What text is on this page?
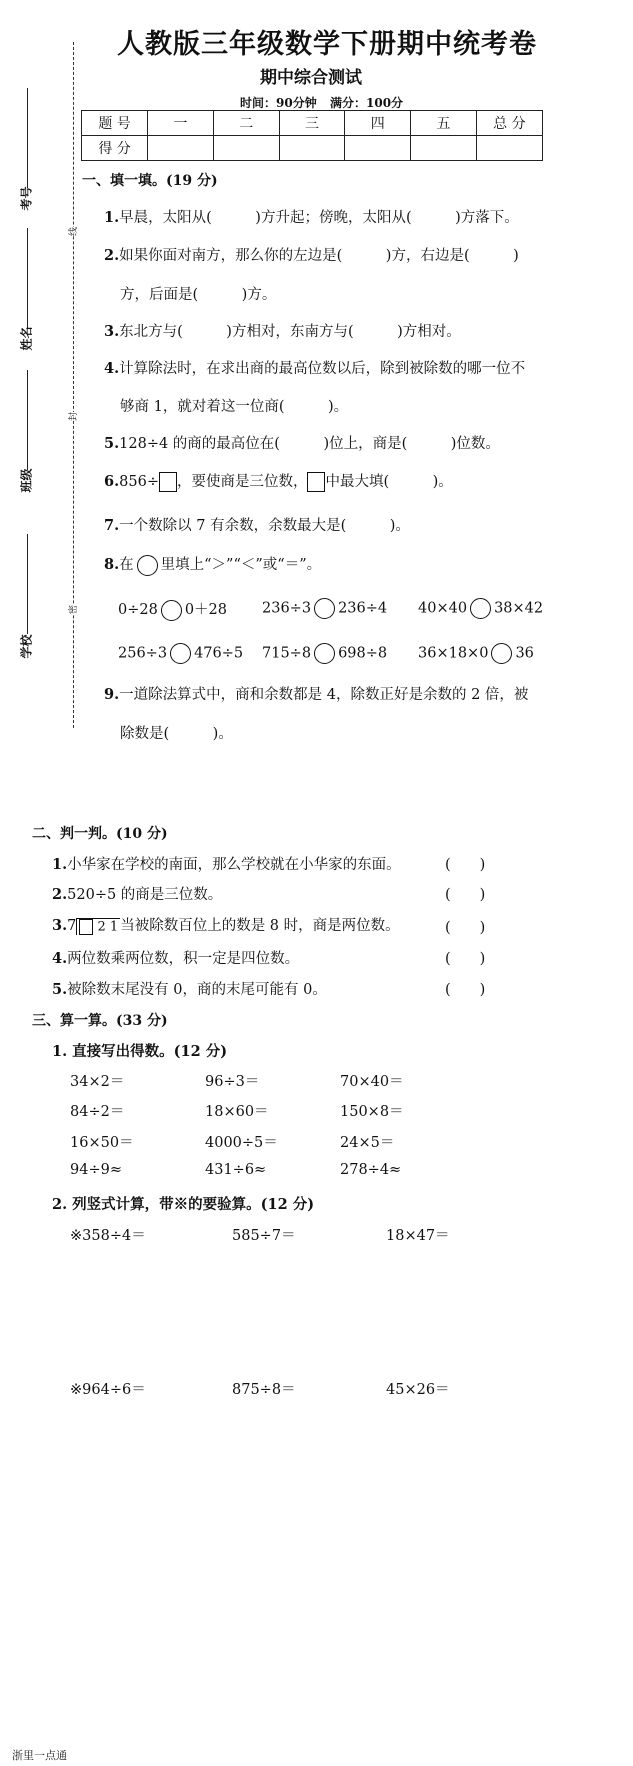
人教版三年级数学下册期中统考卷
期中综合测试
时间：90分钟 满分：100分
考号
姓名
班级
学校
线
封
密
题 号	一	二	三	四	五	总 分
得 分						
一、填一填。(19 分)
1.早晨，太阳从(　　　)方升起；傍晚，太阳从(　　　)方落下。
2.如果你面对南方，那么你的左边是(　　　)方，右边是(　　　)
方，后面是(　　　)方。
3.东北方与(　　　)方相对，东南方与(　　　)方相对。
4.计算除法时，在求出商的最高位数以后，除到被除数的哪一位不
够商 1，就对着这一位商(　　　)。
5.128÷4 的商的最高位在(　　　)位上，商是(　　　)位数。
6.856÷ ，要使商是三位数， 中最大填(　　　)。
7.一个数除以 7 有余数，余数最大是(　　　)。
8.在 里填上“＞”“＜”或“＝”。
0÷28 0＋28 236÷3 236÷4 40×40 38×42
256÷3 476÷5 715÷8 698÷8 36×18×0 36
9.一道除法算式中，商和余数都是 4，除数正好是余数的 2 倍，被
除数是(　　　)。
二、判一判。(10 分)
1.小华家在学校的南面，那么学校就在小华家的东面。	(　　)
2.520÷5 的商是三位数。	(　　)
3.7 2 1 当被除数百位上的数是 8 时，商是两位数。	(　　)
4.两位数乘两位数，积一定是四位数。	(　　)
5.被除数末尾没有 0，商的末尾可能有 0。	(　　)
三、算一算。(33 分)
1. 直接写出得数。(12 分)
34×2＝	96÷3＝	70×40＝
84÷2＝	18×60＝	150×8＝
16×50＝	4000÷5＝	24×5＝
94÷9≈	431÷6≈	278÷4≈
2. 列竖式计算，带※的要验算。(12 分)
※358÷4＝	585÷7＝	18×47＝
※964÷6＝	875÷8＝	45×26＝
浙里一点通
